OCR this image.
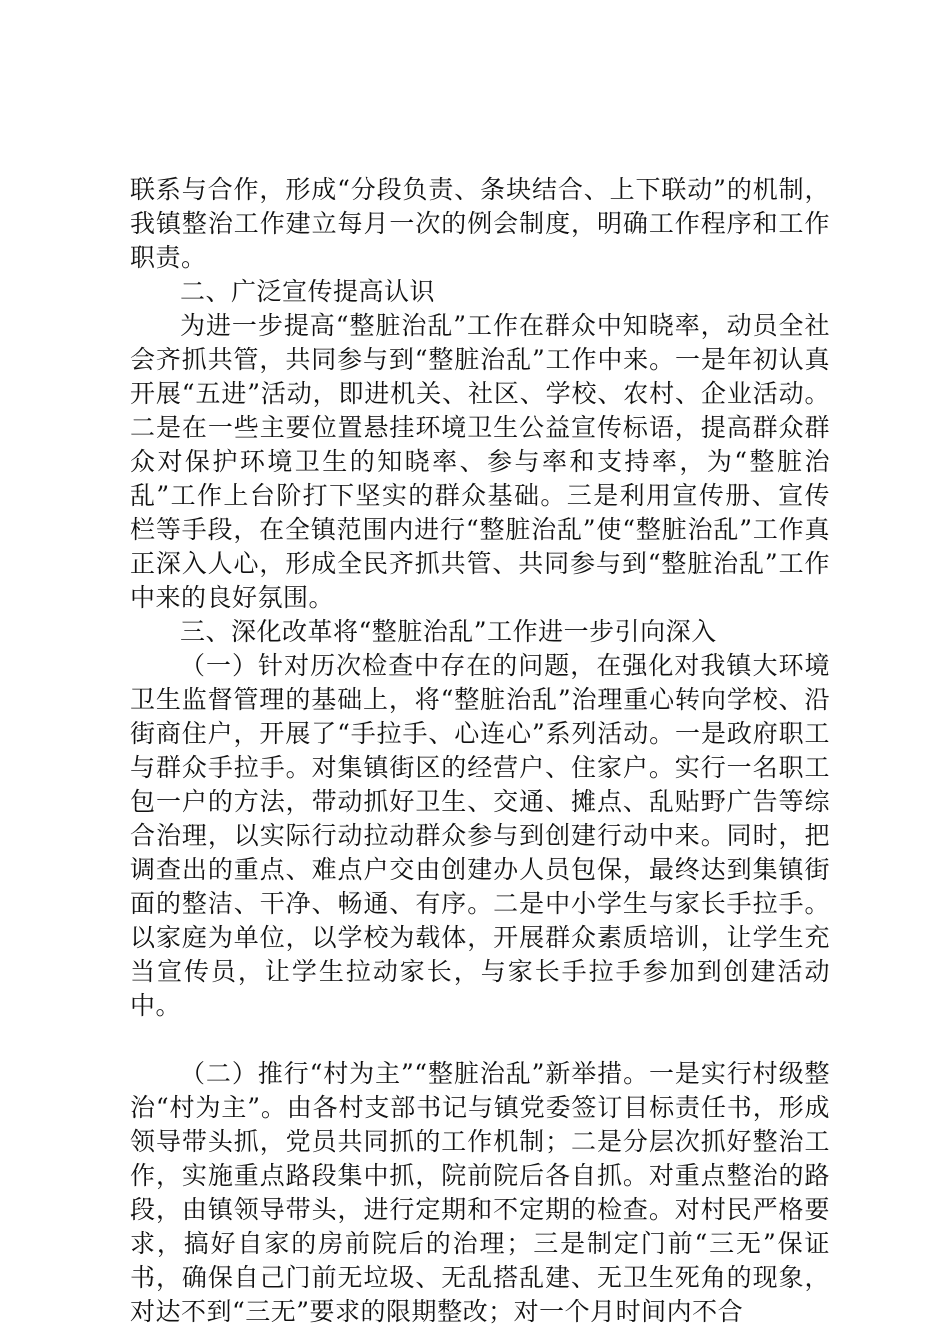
联系与合作，形成“分段负责、条块结合、上下联动”的机制，我镇整治工作建立每月一次的例会制度，明确工作程序和工作职责。

二、广泛宣传提高认识

为进一步提高“整脏治乱”工作在群众中知晓率，动员全社会齐抓共管，共同参与到“整脏治乱”工作中来。一是年初认真开展“五进”活动，即进机关、社区、学校、农村、企业活动。二是在一些主要位置悬挂环境卫生公益宣传标语，提高群众群众对保护环境卫生的知晓率、参与率和支持率，为“整脏治乱”工作上台阶打下坚实的群众基础。三是利用宣传册、宣传栏等手段，在全镇范围内进行“整脏治乱”使“整脏治乱”工作真正深入人心，形成全民齐抓共管、共同参与到“整脏治乱”工作中来的良好氛围。

三、深化改革将“整脏治乱”工作进一步引向深入

（一）针对历次检查中存在的问题，在强化对我镇大环境卫生监督管理的基础上，将“整脏治乱”治理重心转向学校、沿街商住户，开展了“手拉手、心连心”系列活动。一是政府职工与群众手拉手。对集镇街区的经营户、住家户。实行一名职工包一户的方法，带动抓好卫生、交通、摊点、乱贴野广告等综合治理，以实际行动拉动群众参与到创建行动中来。同时，把调查出的重点、难点户交由创建办人员包保，最终达到集镇街面的整洁、干净、畅通、有序。二是中小学生与家长手拉手。以家庭为单位，以学校为载体，开展群众素质培训，让学生充当宣传员，让学生拉动家长，与家长手拉手参加到创建活动中。

（二）推行“村为主”“整脏治乱”新举措。一是实行村级整治“村为主”。由各村支部书记与镇党委签订目标责任书，形成领导带头抓，党员共同抓的工作机制；二是分层次抓好整治工作，实施重点路段集中抓，院前院后各自抓。对重点整治的路段，由镇领导带头，进行定期和不定期的检查。对村民严格要求，搞好自家的房前院后的治理；三是制定门前“三无”保证书，确保自己门前无垃圾、无乱搭乱建、无卫生死角的现象，对达不到“三无”要求的限期整改；对一个月时间内不合
